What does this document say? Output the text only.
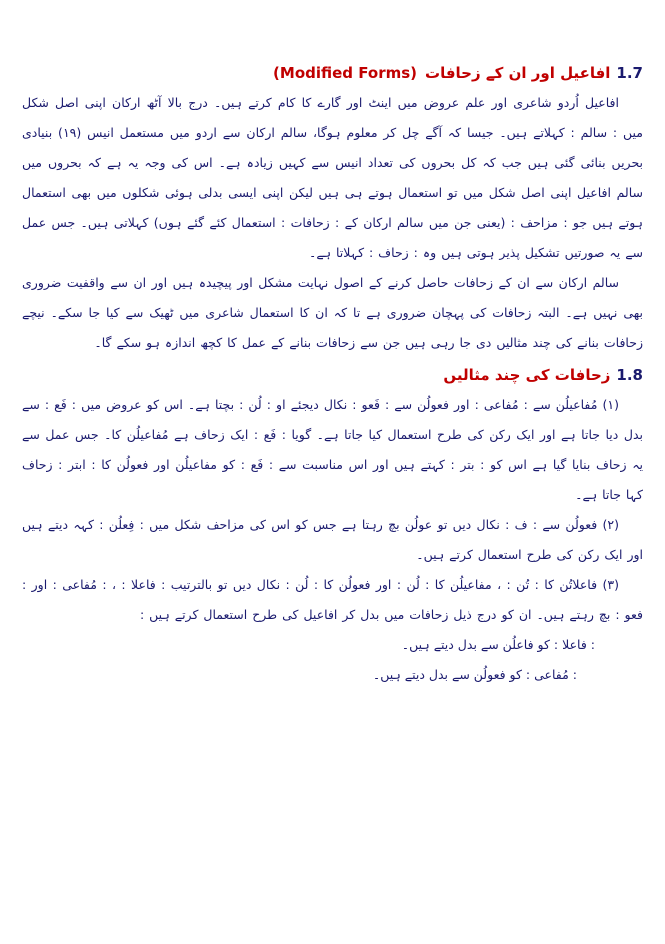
1.7افاعیل اور ان کے زحافات(Modified Forms)

افاعیل اُردو شاعری اور علم عروض میں اینٹ اور گارے کا کام کرتے ہیں۔ درج بالا آٹھ ارکان اپنی اصل شکل میں : سالم : کہلاتے ہیں۔ جیسا کہ آگے چل کر معلوم ہوگا، سالم ارکان سے اردو میں مستعمل انیس (۱۹) بنیادی بحریں بنائی گئی ہیں جب کہ کل بحروں کی تعداد انیس سے کہیں زیادہ ہے۔ اس کی وجہ یہ ہے کہ بحروں میں سالم افاعیل اپنی اصل شکل میں تو استعمال ہوتے ہی ہیں لیکن اپنی ایسی بدلی ہوئی شکلوں میں بھی استعمال ہوتے ہیں جو : مزاحف : (یعنی جن میں سالم ارکان کے : زحافات : استعمال کئے گئے ہوں) کہلاتی ہیں۔ جس عمل سے یہ صورتیں تشکیل پذیر ہوتی ہیں وہ : زحاف : کہلاتا ہے۔

سالم ارکان سے ان کے زحافات حاصل کرنے کے اصول نہایت مشکل اور پیچیدہ ہیں اور ان سے واقفیت ضروری بھی نہیں ہے۔ البتہ زحافات کی پہچان ضروری ہے تا کہ ان کا استعمال شاعری میں ٹھیک سے کیا جا سکے۔ نیچے زحافات بنانے کی چند مثالیں دی جا رہی ہیں جن سے زحافات بنانے کے عمل کا کچھ اندازہ ہو سکے گا۔

1.8زحافات کی چند مثالیں

(۱) مُفاعیلُن سے : مُفاعی : اور فعولُن سے : فَعو : نکال دیجئے او : لُن : بچتا ہے۔ اس کو عروض میں : فَع : سے بدل دیا جاتا ہے اور ایک رکن کی طرح استعمال کیا جاتا ہے۔ گویا : فَع : ایک زحاف ہے مُفاعیلُن کا۔ جس عمل سے یہ زحاف بنایا گیا ہے اس کو : بتر : کہتے ہیں اور اس مناسبت سے : فَع : کو مفاعیلُن اور فعولُن کا : ابتر : زحاف کہا جاتا ہے۔

(۲) فعولُن سے : ف : نکال دیں تو عولُن بچ رہتا ہے جس کو اس کی مزاحف شکل میں : فِعلُن : کہہ دیتے ہیں اور ایک رکن کی طرح استعمال کرتے ہیں۔

(۳) فاعلاتُن کا : تُن : ، مفاعیلُن کا : لُن : اور فعولُن کا : لُن : نکال دیں تو بالترتیب : فاعلا : ، : مُفاعی : اور : فعو : بچ رہتے ہیں۔ ان کو درج ذیل زحافات میں بدل کر افاعیل کی طرح استعمال کرتے ہیں :

: فاعلا : کو فاعلُن سے بدل دیتے ہیں۔

: مُفاعی : کو فعولُن سے بدل دیتے ہیں۔
